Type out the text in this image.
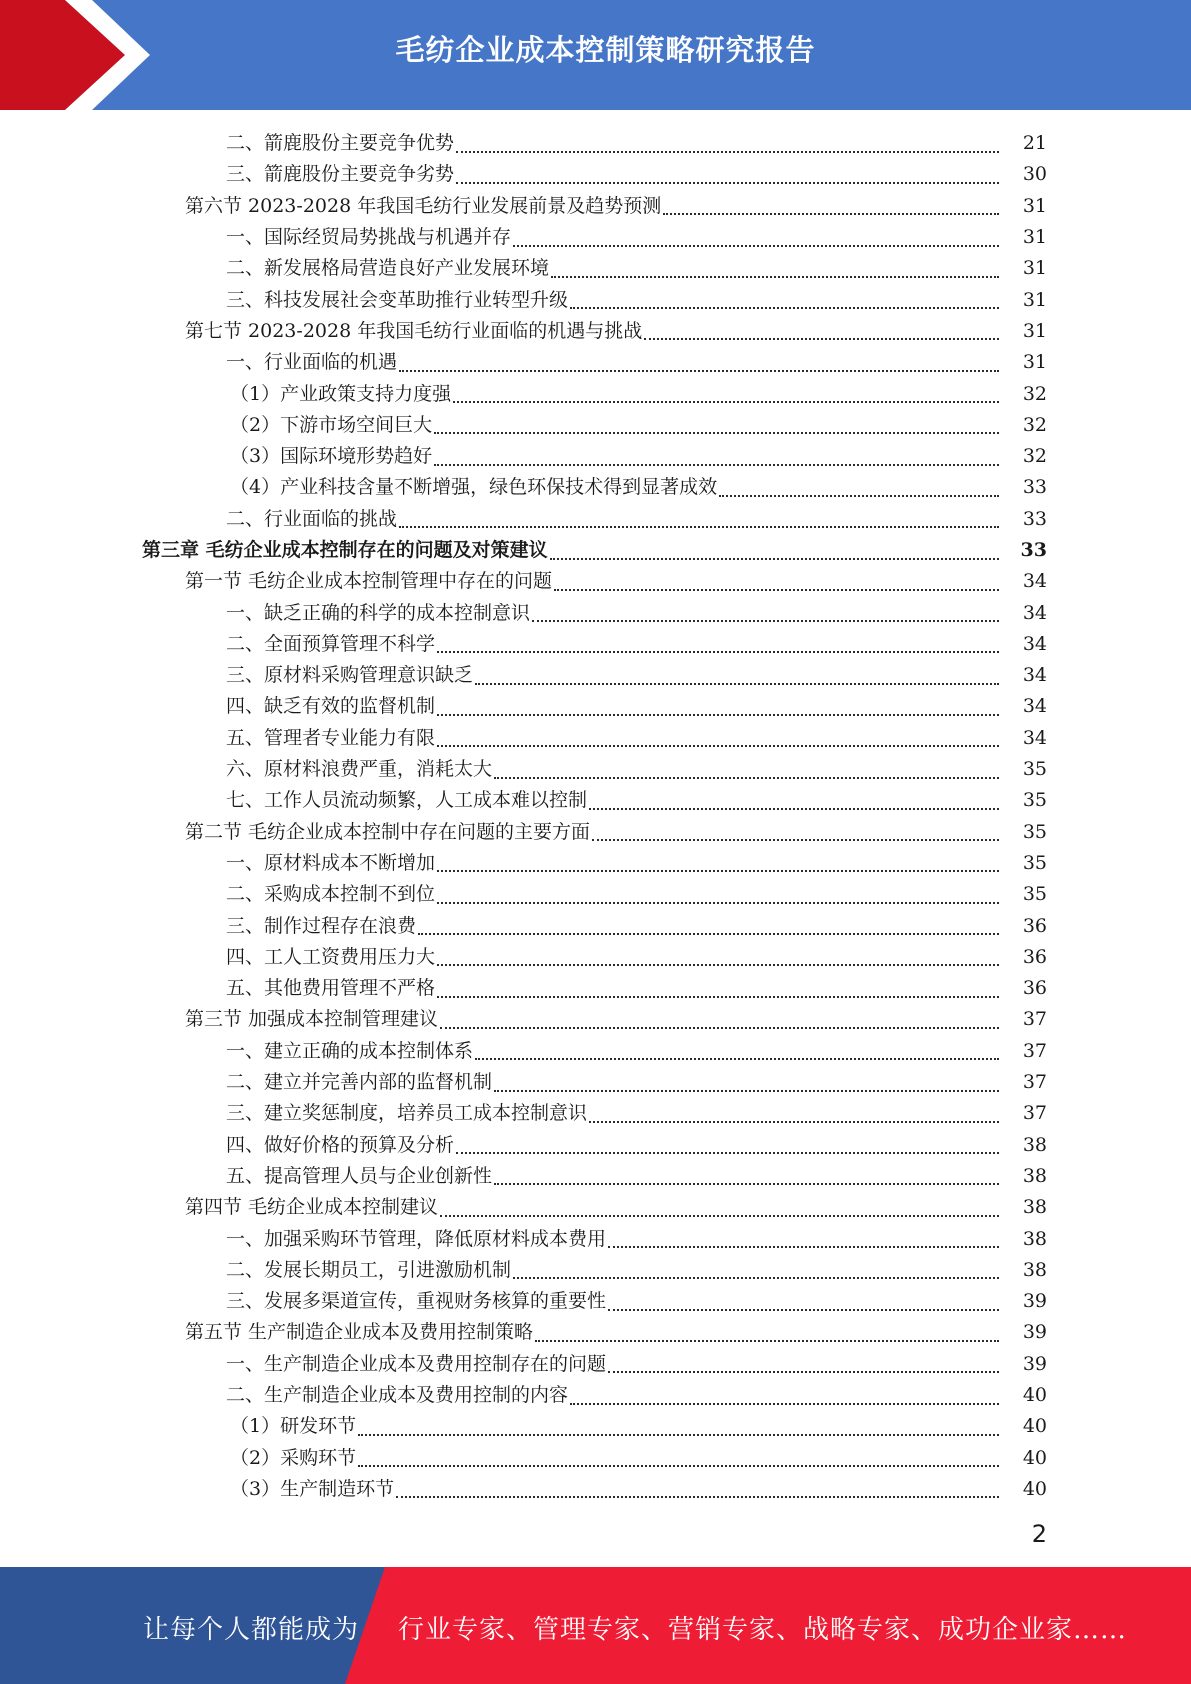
毛纺企业成本控制策略研究报告
二、箭鹿股份主要竞争优势	21
三、箭鹿股份主要竞争劣势	30
第六节 2023-2028 年我国毛纺行业发展前景及趋势预测	31
一、国际经贸局势挑战与机遇并存	31
二、新发展格局营造良好产业发展环境	31
三、科技发展社会变革助推行业转型升级	31
第七节 2023-2028 年我国毛纺行业面临的机遇与挑战	31
一、行业面临的机遇	31
（1）产业政策支持力度强	32
（2）下游市场空间巨大	32
（3）国际环境形势趋好	32
（4）产业科技含量不断增强，绿色环保技术得到显著成效	33
二、行业面临的挑战	33
第三章 毛纺企业成本控制存在的问题及对策建议	33
第一节 毛纺企业成本控制管理中存在的问题	34
一、缺乏正确的科学的成本控制意识	34
二、全面预算管理不科学	34
三、原材料采购管理意识缺乏	34
四、缺乏有效的监督机制	34
五、管理者专业能力有限	34
六、原材料浪费严重，消耗太大	35
七、工作人员流动频繁，人工成本难以控制	35
第二节 毛纺企业成本控制中存在问题的主要方面	35
一、原材料成本不断增加	35
二、采购成本控制不到位	35
三、制作过程存在浪费	36
四、工人工资费用压力大	36
五、其他费用管理不严格	36
第三节 加强成本控制管理建议	37
一、建立正确的成本控制体系	37
二、建立并完善内部的监督机制	37
三、建立奖惩制度，培养员工成本控制意识	37
四、做好价格的预算及分析	38
五、提高管理人员与企业创新性	38
第四节 毛纺企业成本控制建议	38
一、加强采购环节管理，降低原材料成本费用	38
二、发展长期员工，引进激励机制	38
三、发展多渠道宣传，重视财务核算的重要性	39
第五节 生产制造企业成本及费用控制策略	39
一、生产制造企业成本及费用控制存在的问题	39
二、生产制造企业成本及费用控制的内容	40
（1）研发环节	40
（2）采购环节	40
（3）生产制造环节	40
2
让每个人都能成为 行业专家、管理专家、营销专家、战略专家、成功企业家……
